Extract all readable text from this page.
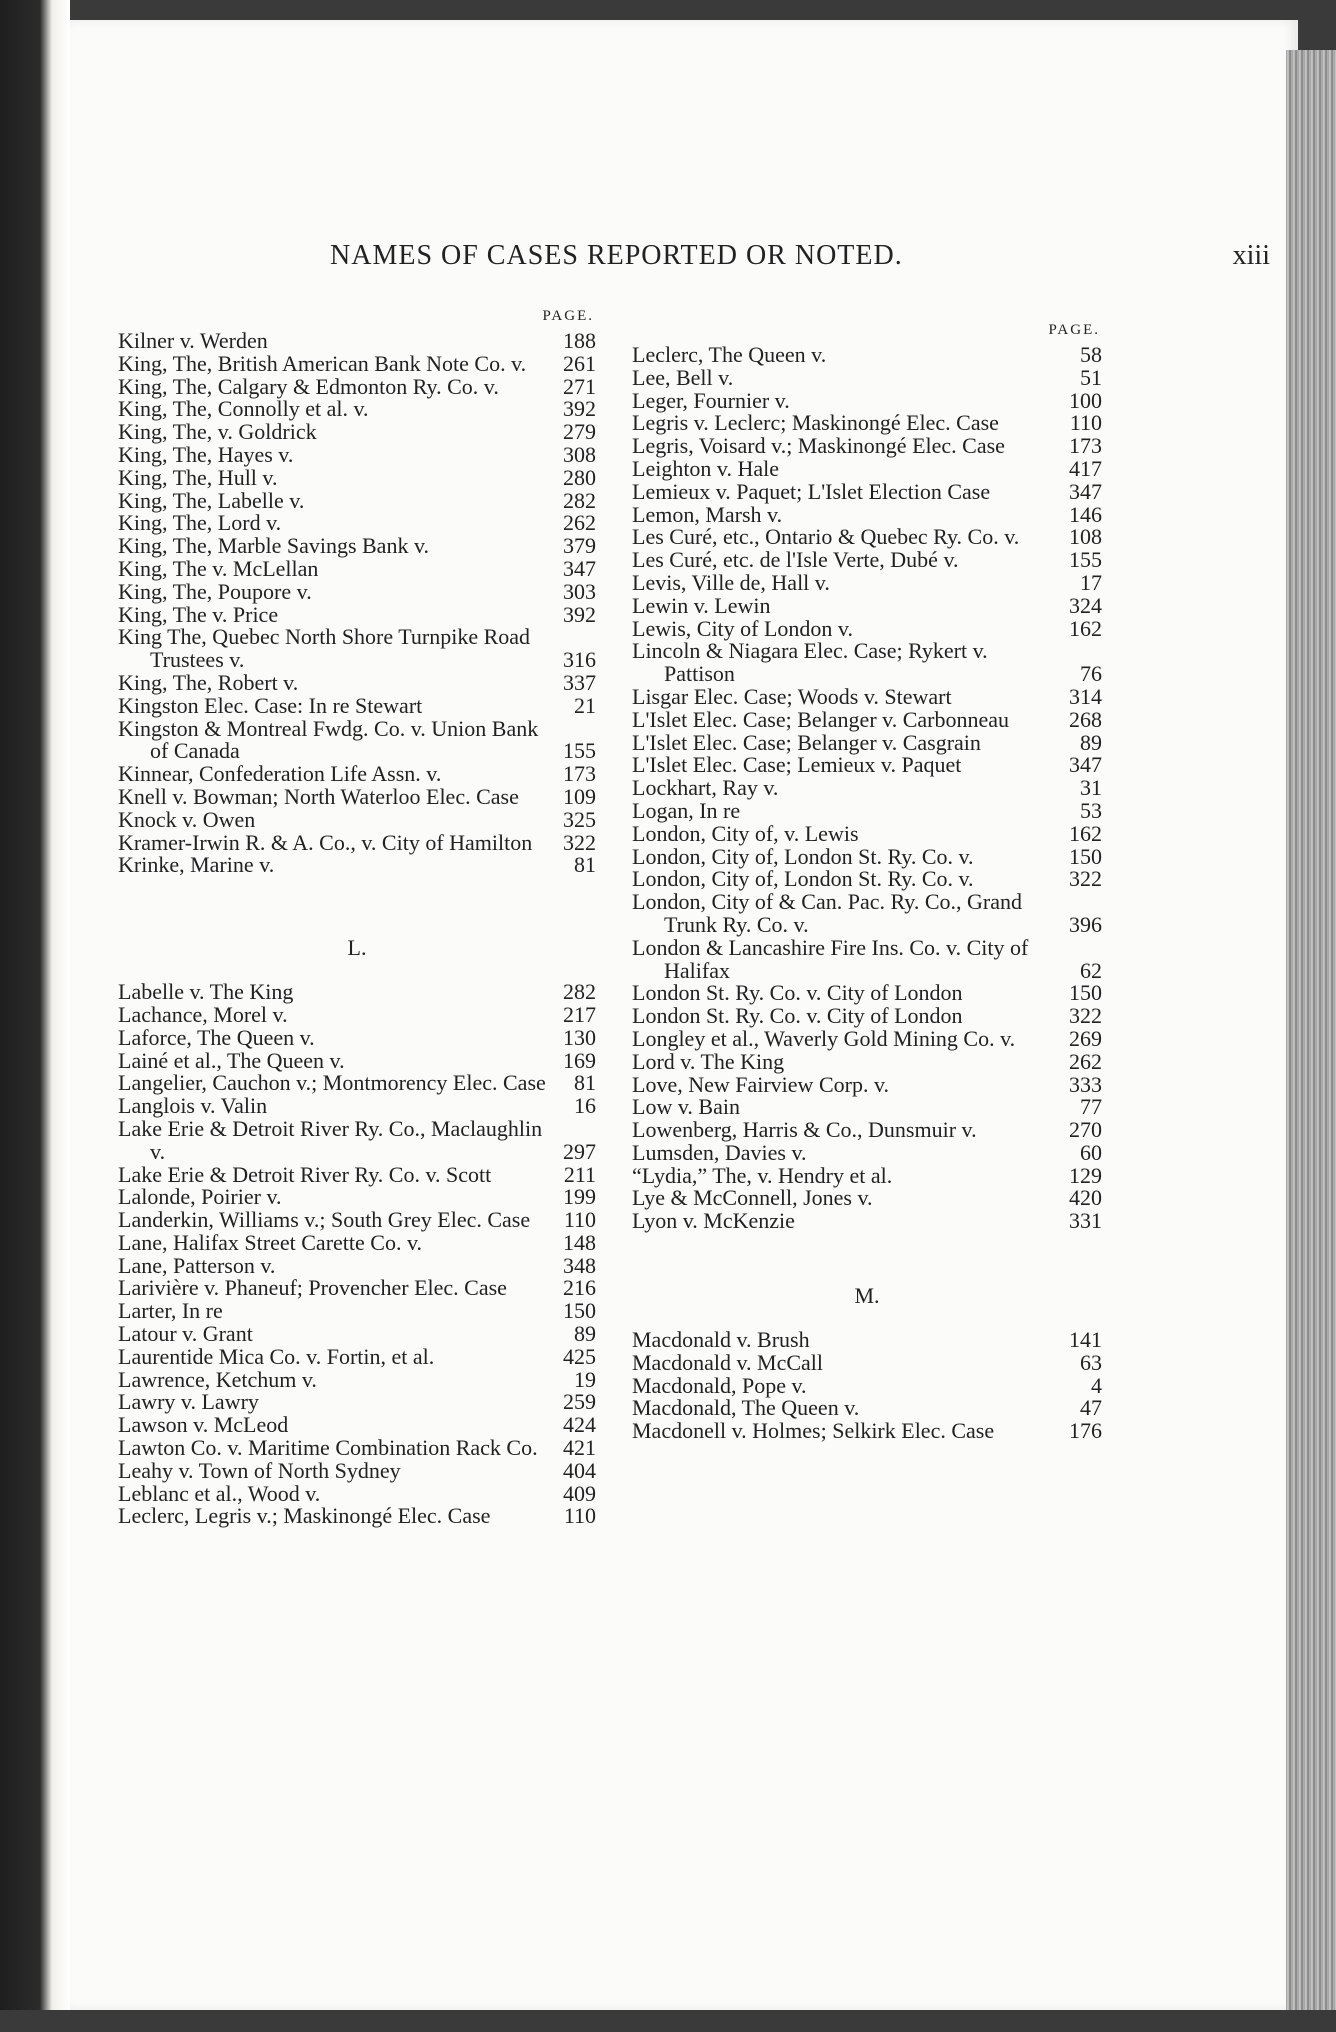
NAMES OF CASES REPORTED OR NOTED.	xiii
PAGE.
Kilner v. Werden	188
King, The, British American Bank Note Co. v.	261
King, The, Calgary & Edmonton Ry. Co. v.	271
King, The, Connolly et al. v.	392
King, The, v. Goldrick	279
King, The, Hayes v.	308
King, The, Hull v.	280
King, The, Labelle v.	282
King, The, Lord v.	262
King, The, Marble Savings Bank v.	379
King, The v. McLellan	347
King, The, Poupore v.	303
King, The v. Price	392
King The, Quebec North Shore Turnpike Road Trustees v.	316
King, The, Robert v.	337
Kingston Elec. Case: In re Stewart	21
Kingston & Montreal Fwdg. Co. v. Union Bank of Canada	155
Kinnear, Confederation Life Assn. v.	173
Knell v. Bowman; North Waterloo Elec. Case	109
Knock v. Owen	325
Kramer-Irwin R. & A. Co., v. City of Hamilton	322
Krinke, Marine v.	81
L.
Labelle v. The King	282
Lachance, Morel v.	217
Laforce, The Queen v.	130
Lainé et al., The Queen v.	169
Langelier, Cauchon v.; Montmorency Elec. Case	81
Langlois v. Valin	16
Lake Erie & Detroit River Ry. Co., Maclaughlin v.	297
Lake Erie & Detroit River Ry. Co. v. Scott	211
Lalonde, Poirier v.	199
Landerkin, Williams v.; South Grey Elec. Case	110
Lane, Halifax Street Carette Co. v.	148
Lane, Patterson v.	348
Larivière v. Phaneuf; Provencher Elec. Case	216
Larter, In re	150
Latour v. Grant	89
Laurentide Mica Co. v. Fortin, et al.	425
Lawrence, Ketchum v.	19
Lawry v. Lawry	259
Lawson v. McLeod	424
Lawton Co. v. Maritime Combination Rack Co.	421
Leahy v. Town of North Sydney	404
Leblanc et al., Wood v.	409
Leclerc, Legris v.; Maskinongé Elec. Case	110
PAGE.
Leclerc, The Queen v.	58
Lee, Bell v.	51
Leger, Fournier v.	100
Legris v. Leclerc; Maskinongé Elec. Case	110
Legris, Voisard v.; Maskinongé Elec. Case	173
Leighton v. Hale	417
Lemieux v. Paquet; L'Islet Election Case	347
Lemon, Marsh v.	146
Les Curé, etc., Ontario & Quebec Ry. Co. v.	108
Les Curé, etc. de l'Isle Verte, Dubé v.	155
Levis, Ville de, Hall v.	17
Lewin v. Lewin	324
Lewis, City of London v.	162
Lincoln & Niagara Elec. Case; Rykert v. Pattison	76
Lisgar Elec. Case; Woods v. Stewart	314
L'Islet Elec. Case; Belanger v. Carbonneau	268
L'Islet Elec. Case; Belanger v. Casgrain	89
L'Islet Elec. Case; Lemieux v. Paquet	347
Lockhart, Ray v.	31
Logan, In re	53
London, City of, v. Lewis	162
London, City of, London St. Ry. Co. v.	150
London, City of, London St. Ry. Co. v.	322
London, City of & Can. Pac. Ry. Co., Grand Trunk Ry. Co. v.	396
London & Lancashire Fire Ins. Co. v. City of Halifax	62
London St. Ry. Co. v. City of London	150
London St. Ry. Co. v. City of London	322
Longley et al., Waverly Gold Mining Co. v.	269
Lord v. The King	262
Love, New Fairview Corp. v.	333
Low v. Bain	77
Lowenberg, Harris & Co., Dunsmuir v.	270
Lumsden, Davies v.	60
“Lydia,” The, v. Hendry et al.	129
Lye & McConnell, Jones v.	420
Lyon v. McKenzie	331
M.
Macdonald v. Brush	141
Macdonald v. McCall	63
Macdonald, Pope v.	4
Macdonald, The Queen v.	47
Macdonell v. Holmes; Selkirk Elec. Case	176
